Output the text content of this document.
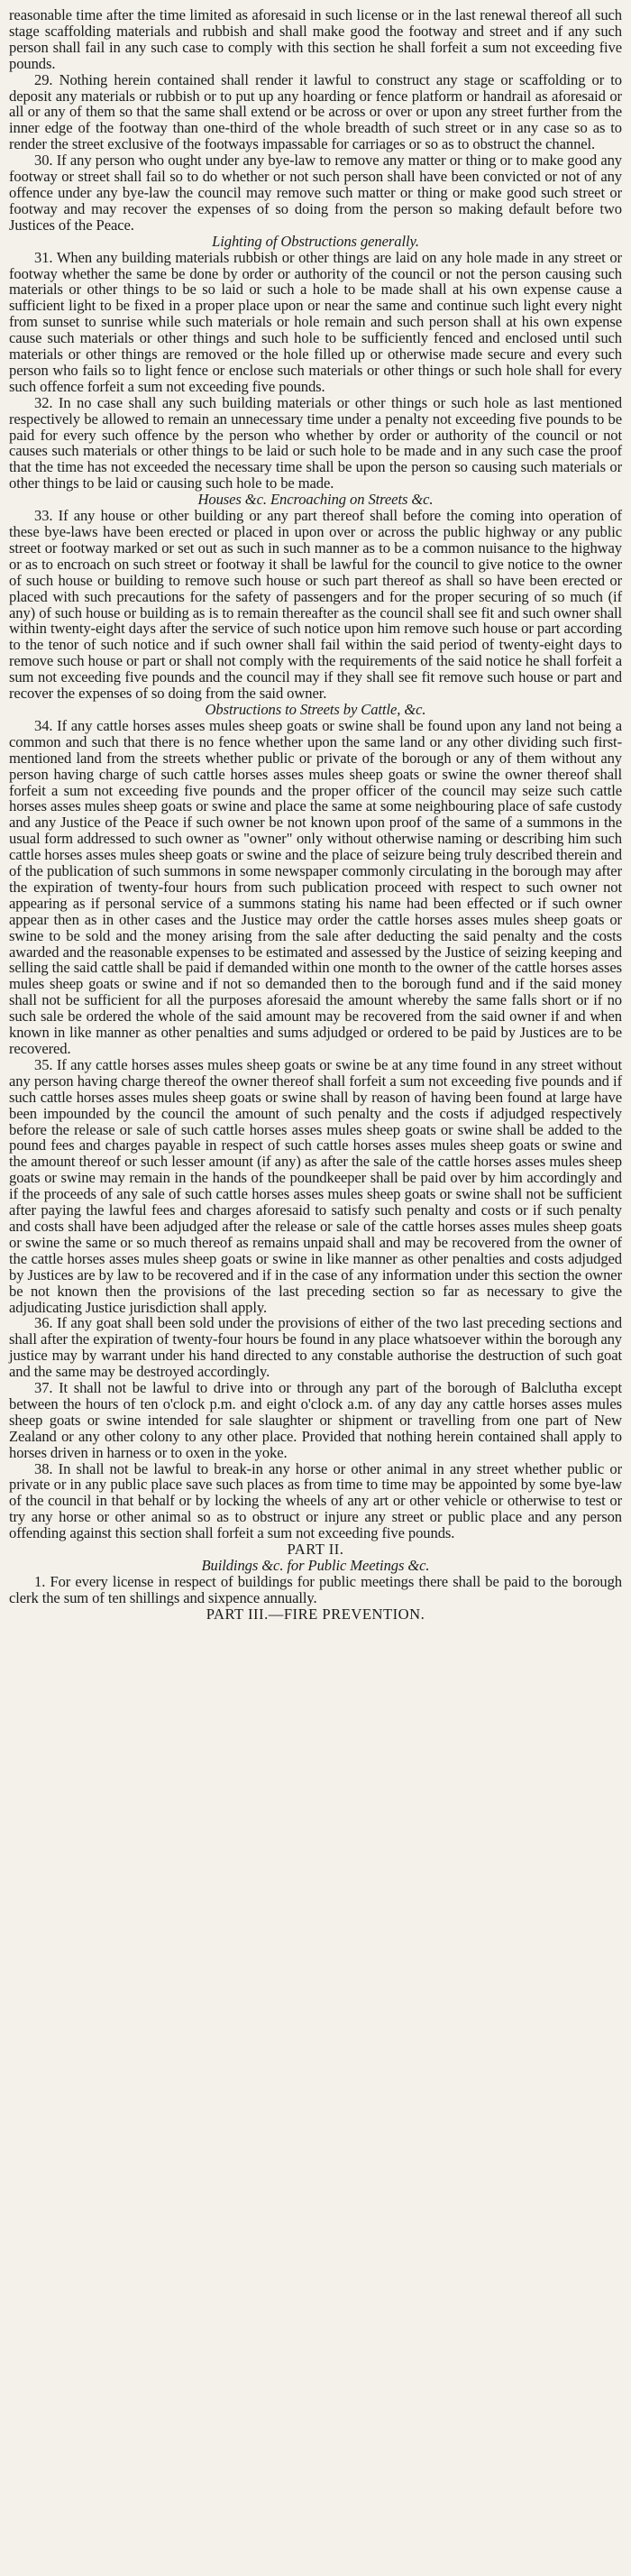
reasonable time after the time limited as aforesaid in such license or in the last renewal thereof all such stage scaffolding materials and rubbish and shall make good the footway and street and if any such person shall fail in any such case to comply with this section he shall forfeit a sum not exceeding five pounds.

29. Nothing herein contained shall render it lawful to construct any stage or scaffolding or to deposit any materials or rubbish or to put up any hoarding or fence platform or handrail as aforesaid or all or any of them so that the same shall extend or be across or over or upon any street further from the inner edge of the footway than one-third of the whole breadth of such street or in any case so as to render the street exclusive of the footways impassable for carriages or so as to obstruct the channel.

30. If any person who ought under any bye-law to remove any matter or thing or to make good any footway or street shall fail so to do whether or not such person shall have been convicted or not of any offence under any bye-law the council may remove such matter or thing or make good such street or footway and may recover the expenses of so doing from the person so making default before two Justices of the Peace.

Lighting of Obstructions generally.

31. When any building materials rubbish or other things are laid on any hole made in any street or footway whether the same be done by order or authority of the council or not the person causing such materials or other things to be so laid or such a hole to be made shall at his own expense cause a sufficient light to be fixed in a proper place upon or near the same and continue such light every night from sunset to sunrise while such materials or hole remain and such person shall at his own expense cause such materials or other things and such hole to be sufficiently fenced and enclosed until such materials or other things are removed or the hole filled up or otherwise made secure and every such person who fails so to light fence or enclose such materials or other things or such hole shall for every such offence forfeit a sum not exceeding five pounds.

32. In no case shall any such building materials or other things or such hole as last mentioned respectively be allowed to remain an unnecessary time under a penalty not exceeding five pounds to be paid for every such offence by the person who whether by order or authority of the council or not causes such materials or other things to be laid or such hole to be made and in any such case the proof that the time has not exceeded the necessary time shall be upon the person so causing such materials or other things to be laid or causing such hole to be made.

Houses &c. Encroaching on Streets &c.

33. If any house or other building or any part thereof shall before the coming into operation of these bye-laws have been erected or placed in upon over or across the public highway or any public street or footway marked or set out as such in such manner as to be a common nuisance to the highway or as to encroach on such street or footway it shall be lawful for the council to give notice to the owner of such house or building to remove such house or such part thereof as shall so have been erected or placed with such precautions for the safety of passengers and for the proper securing of so much (if any) of such house or building as is to remain thereafter as the council shall see fit and such owner shall within twenty-eight days after the service of such notice upon him remove such house or part according to the tenor of such notice and if such owner shall fail within the said period of twenty-eight days to remove such house or part or shall not comply with the requirements of the said notice he shall forfeit a sum not exceeding five pounds and the council may if they shall see fit remove such house or part and recover the expenses of so doing from the said owner.

Obstructions to Streets by Cattle, &c.

34. If any cattle horses asses mules sheep goats or swine shall be found upon any land not being a common and such that there is no fence whether upon the same land or any other dividing such first-mentioned land from the streets whether public or private of the borough or any of them without any person having charge of such cattle horses asses mules sheep goats or swine the owner thereof shall forfeit a sum not exceeding five pounds and the proper officer of the council may seize such cattle horses asses mules sheep goats or swine and place the same at some neighbouring place of safe custody and any Justice of the Peace if such owner be not known upon proof of the same of a summons in the usual form addressed to such owner as "owner" only without otherwise naming or describing him such cattle horses asses mules sheep goats or swine and the place of seizure being truly described therein and of the publication of such summons in some newspaper commonly circulating in the borough may after the expiration of twenty-four hours from such publication proceed with respect to such owner not appearing as if personal service of a summons stating his name had been effected or if such owner appear then as in other cases and the Justice may order the cattle horses asses mules sheep goats or swine to be sold and the money arising from the sale after deducting the said penalty and the costs awarded and the reasonable expenses to be estimated and assessed by the Justice of seizing keeping and selling the said cattle shall be paid if demanded within one month to the owner of the cattle horses asses mules sheep goats or swine and if not so demanded then to the borough fund and if the said money shall not be sufficient for all the purposes aforesaid the amount whereby the same falls short or if no such sale be ordered the whole of the said amount may be recovered from the said owner if and when known in like manner as other penalties and sums adjudged or ordered to be paid by Justices are to be recovered.

35. If any cattle horses asses mules sheep goats or swine be at any time found in any street without any person having charge thereof the owner thereof shall forfeit a sum not exceeding five pounds and if such cattle horses asses mules sheep goats or swine shall by reason of having been found at large have been impounded by the council the amount of such penalty and the costs if adjudged respectively before the release or sale of such cattle horses asses mules sheep goats or swine shall be added to the pound fees and charges payable in respect of such cattle horses asses mules sheep goats or swine and the amount thereof or such lesser amount (if any) as after the sale of the cattle horses asses mules sheep goats or swine may remain in the hands of the poundkeeper shall be paid over by him accordingly and if the proceeds of any sale of such cattle horses asses mules sheep goats or swine shall not be sufficient after paying the lawful fees and charges aforesaid to satisfy such penalty and costs or if such penalty and costs shall have been adjudged after the release or sale of the cattle horses asses mules sheep goats or swine the same or so much thereof as remains unpaid shall and may be recovered from the owner of the cattle horses asses mules sheep goats or swine in like manner as other penalties and costs adjudged by Justices are by law to be recovered and if in the case of any information under this section the owner be not known then the provisions of the last preceding section so far as necessary to give the adjudicating Justice jurisdiction shall apply.

36. If any goat shall been sold under the provisions of either of the two last preceding sections and shall after the expiration of twenty-four hours be found in any place whatsoever within the borough any justice may by warrant under his hand directed to any constable authorise the destruction of such goat and the same may be destroyed accordingly.

37. It shall not be lawful to drive into or through any part of the borough of Balclutha except between the hours of ten o'clock p.m. and eight o'clock a.m. of any day any cattle horses asses mules sheep goats or swine intended for sale slaughter or shipment or travelling from one part of New Zealand or any other colony to any other place. Provided that nothing herein contained shall apply to horses driven in harness or to oxen in the yoke.

38. In shall not be lawful to break-in any horse or other animal in any street whether public or private or in any public place save such places as from time to time may be appointed by some bye-law of the council in that behalf or by locking the wheels of any art or other vehicle or otherwise to test or try any horse or other animal so as to obstruct or injure any street or public place and any person offending against this section shall forfeit a sum not exceeding five pounds.

PART II.

Buildings &c. for Public Meetings &c.

1. For every license in respect of buildings for public meetings there shall be paid to the borough clerk the sum of ten shillings and sixpence annually.

PART III.—FIRE PREVENTION.
